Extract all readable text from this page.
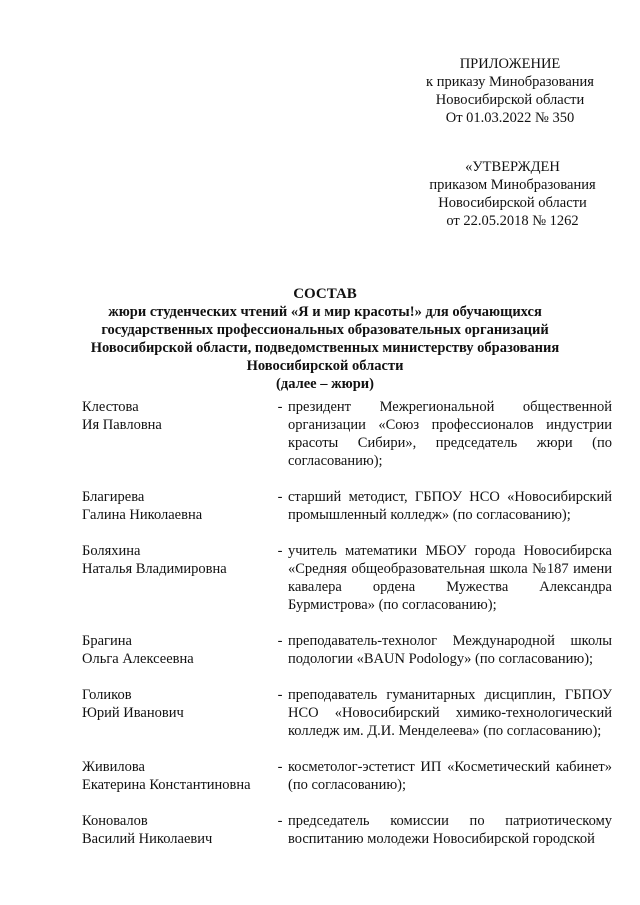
ПРИЛОЖЕНИЕ
к приказу Минобразования
Новосибирской области
От 01.03.2022 № 350
«УТВЕРЖДЕН
приказом Минобразования
Новосибирской области
от 22.05.2018 № 1262
СОСТАВ
жюри студенческих чтений «Я и мир красоты!» для обучающихся
государственных профессиональных образовательных организаций
Новосибирской области, подведомственных министерству образования
Новосибирской области
(далее – жюри)
Клестова
Ия Павловна
- президент Межрегиональной общественной организации «Союз профессионалов индустрии красоты Сибири», председатель жюри (по согласованию);
Благирева
Галина Николаевна
- старший методист, ГБПОУ НСО «Новосибирский промышленный колледж» (по согласованию);
Боляхина
Наталья Владимировна
- учитель математики МБОУ города Новосибирска «Средняя общеобразовательная школа №187 имени кавалера ордена Мужества Александра Бурмистрова» (по согласованию);
Брагина
Ольга Алексеевна
- преподаватель-технолог Международной школы подологии «BAUN Podology» (по согласованию);
Голиков
Юрий Иванович
- преподаватель гуманитарных дисциплин, ГБПОУ НСО «Новосибирский химико-технологический колледж им. Д.И. Менделеева» (по согласованию);
Живилова
Екатерина Константиновна
- косметолог-эстетист ИП «Косметический кабинет» (по согласованию);
Коновалов
Василий Николаевич
- председатель комиссии по патриотическому воспитанию молодежи Новосибирской городской
